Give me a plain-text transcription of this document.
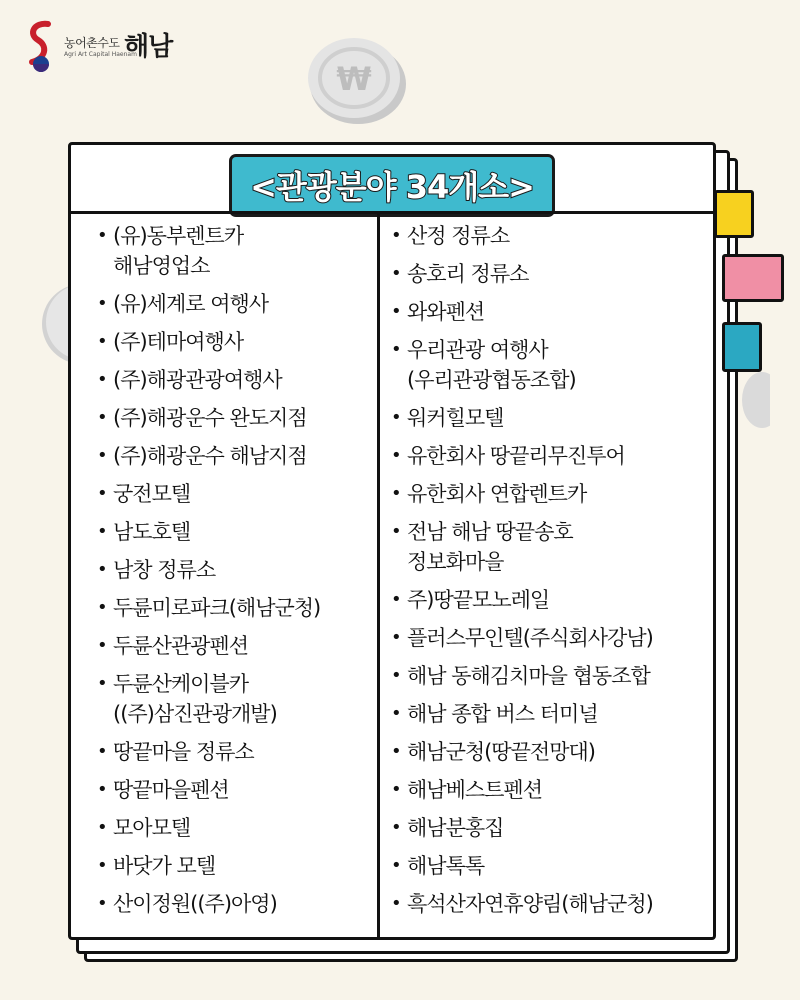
농어촌수도 해남
Agri Art Capital Haenam
₩
<관광분야 34개소>
• (유)동부렌트카
해남영업소
• (유)세계로 여행사
• (주)테마여행사
• (주)해광관광여행사
• (주)해광운수 완도지점
• (주)해광운수 해남지점
• 궁전모텔
• 남도호텔
• 남창 정류소
• 두륜미로파크(해남군청)
• 두륜산관광펜션
• 두륜산케이블카
((주)삼진관광개발)
• 땅끝마을 정류소
• 땅끝마을펜션
• 모아모텔
• 바닷가 모텔
• 산이정원((주)아영)
• 산정 정류소
• 송호리 정류소
• 와와펜션
• 우리관광 여행사
(우리관광협동조합)
• 워커힐모텔
• 유한회사 땅끝리무진투어
• 유한회사 연합렌트카
• 전남 해남 땅끝송호
정보화마을
• 주)땅끝모노레일
• 플러스무인텔(주식회사강남)
• 해남 동해김치마을 협동조합
• 해남 종합 버스 터미널
• 해남군청(땅끝전망대)
• 해남베스트펜션
• 해남분홍집
• 해남톡톡
• 흑석산자연휴양림(해남군청)
